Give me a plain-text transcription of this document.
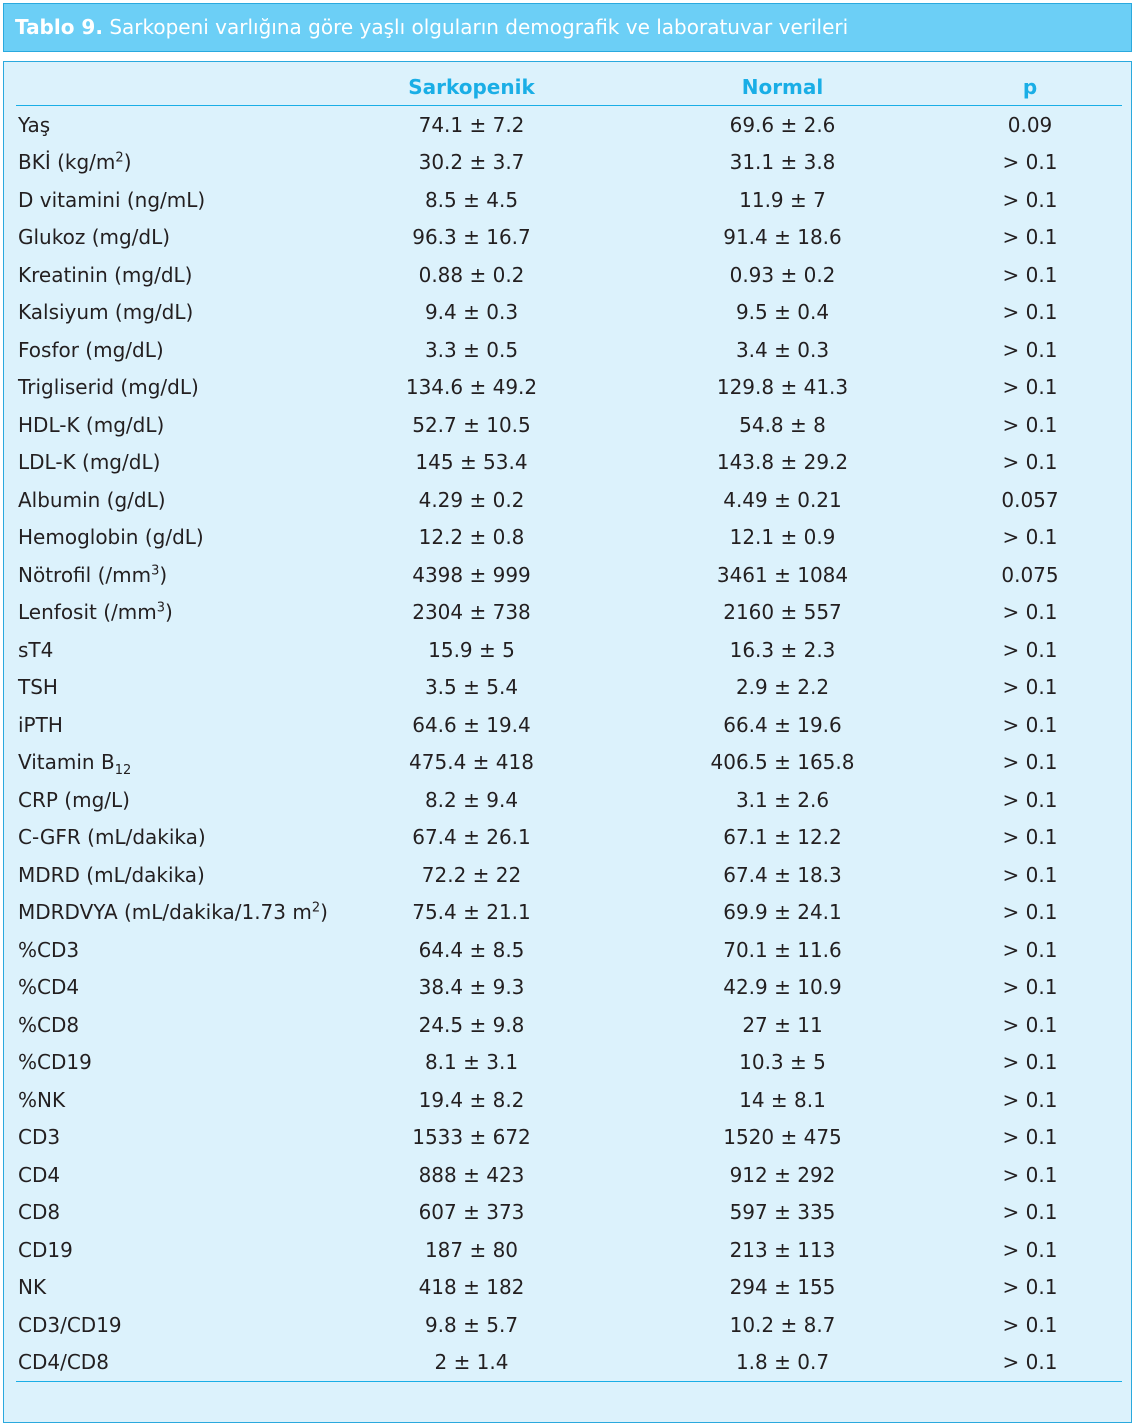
Tablo 9. Sarkopeni varlığına göre yaşlı olguların demografik ve laboratuvar verileri
	Sarkopenik	Normal	p
Yaş	74.1 ± 7.2	69.6 ± 2.6	0.09
BKİ $(kg/m^2)$	30.2 ± 3.7	31.1 ± 3.8	> 0.1
D vitamini (ng/mL)	8.5 ± 4.5	11.9 ± 7	> 0.1
Glukoz (mg/dL)	96.3 ± 16.7	91.4 ± 18.6	> 0.1
Kreatinin (mg/dL)	0.88 ± 0.2	0.93 ± 0.2	> 0.1
Kalsiyum (mg/dL)	9.4 ± 0.3	9.5 ± 0.4	> 0.1
Fosfor (mg/dL)	3.3 ± 0.5	3.4 ± 0.3	> 0.1
Trigliserid (mg/dL)	134.6 ± 49.2	129.8 ± 41.3	> 0.1
HDL-K (mg/dL)	52.7 ± 10.5	54.8 ± 8	> 0.1
LDL-K (mg/dL)	145 ± 53.4	143.8 ± 29.2	> 0.1
Albumin (g/dL)	4.29 ± 0.2	4.49 ± 0.21	0.057
Hemoglobin (g/dL)	12.2 ± 0.8	12.1 ± 0.9	> 0.1
Nötrofil $(/mm^3)$	4398 ± 999	3461 ± 1084	0.075
Lenfosit $(/mm^3)$	2304 ± 738	2160 ± 557	> 0.1
sT4	15.9 ± 5	16.3 ± 2.3	> 0.1
TSH	3.5 ± 5.4	2.9 ± 2.2	> 0.1
iPTH	64.6 ± 19.4	66.4 ± 19.6	> 0.1
Vitamin $B_{12}$	475.4 ± 418	406.5 ± 165.8	> 0.1
CRP (mg/L)	8.2 ± 9.4	3.1 ± 2.6	> 0.1
C-GFR (mL/dakika)	67.4 ± 26.1	67.1 ± 12.2	> 0.1
MDRD (mL/dakika)	72.2 ± 22	67.4 ± 18.3	> 0.1
MDRDVYA (mL/dakika/1.73 $m^2$)	75.4 ± 21.1	69.9 ± 24.1	> 0.1
%CD3	64.4 ± 8.5	70.1 ± 11.6	> 0.1
%CD4	38.4 ± 9.3	42.9 ± 10.9	> 0.1
%CD8	24.5 ± 9.8	27 ± 11	> 0.1
%CD19	8.1 ± 3.1	10.3 ± 5	> 0.1
%NK	19.4 ± 8.2	14 ± 8.1	> 0.1
CD3	1533 ± 672	1520 ± 475	> 0.1
CD4	888 ± 423	912 ± 292	> 0.1
CD8	607 ± 373	597 ± 335	> 0.1
CD19	187 ± 80	213 ± 113	> 0.1
NK	418 ± 182	294 ± 155	> 0.1
CD3/CD19	9.8 ± 5.7	10.2 ± 8.7	> 0.1
CD4/CD8	2 ± 1.4	1.8 ± 0.7	> 0.1
